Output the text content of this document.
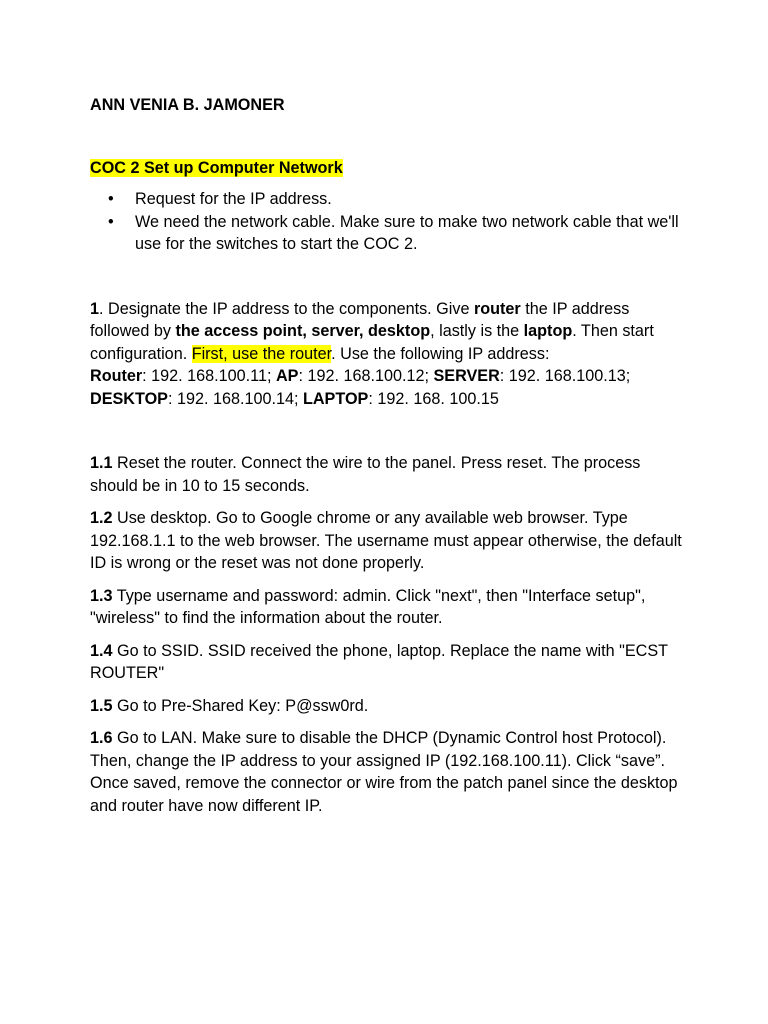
ANN VENIA B. JAMONER

COC 2 Set up Computer Network

• Request for the IP address.
• We need the network cable. Make sure to make two network cable that we'll use for the switches to start the COC 2.

1. Designate the IP address to the components. Give router the IP address followed by the access point, server, desktop, lastly is the laptop. Then start configuration. First, use the router. Use the following IP address:
Router: 192. 168.100.11; AP: 192. 168.100.12; SERVER: 192. 168.100.13; DESKTOP: 192. 168.100.14; LAPTOP: 192. 168. 100.15

1.1 Reset the router. Connect the wire to the panel. Press reset. The process should be in 10 to 15 seconds.

1.2 Use desktop. Go to Google chrome or any available web browser. Type 192.168.1.1 to the web browser. The username must appear otherwise, the default ID is wrong or the reset was not done properly.

1.3 Type username and password: admin. Click "next", then "Interface setup", "wireless" to find the information about the router.

1.4 Go to SSID. SSID received the phone, laptop. Replace the name with "ECST ROUTER"

1.5 Go to Pre-Shared Key: P@ssw0rd.

1.6 Go to LAN. Make sure to disable the DHCP (Dynamic Control host Protocol). Then, change the IP address to your assigned IP (192.168.100.11). Click “save”. Once saved, remove the connector or wire from the patch panel since the desktop and router have now different IP.
